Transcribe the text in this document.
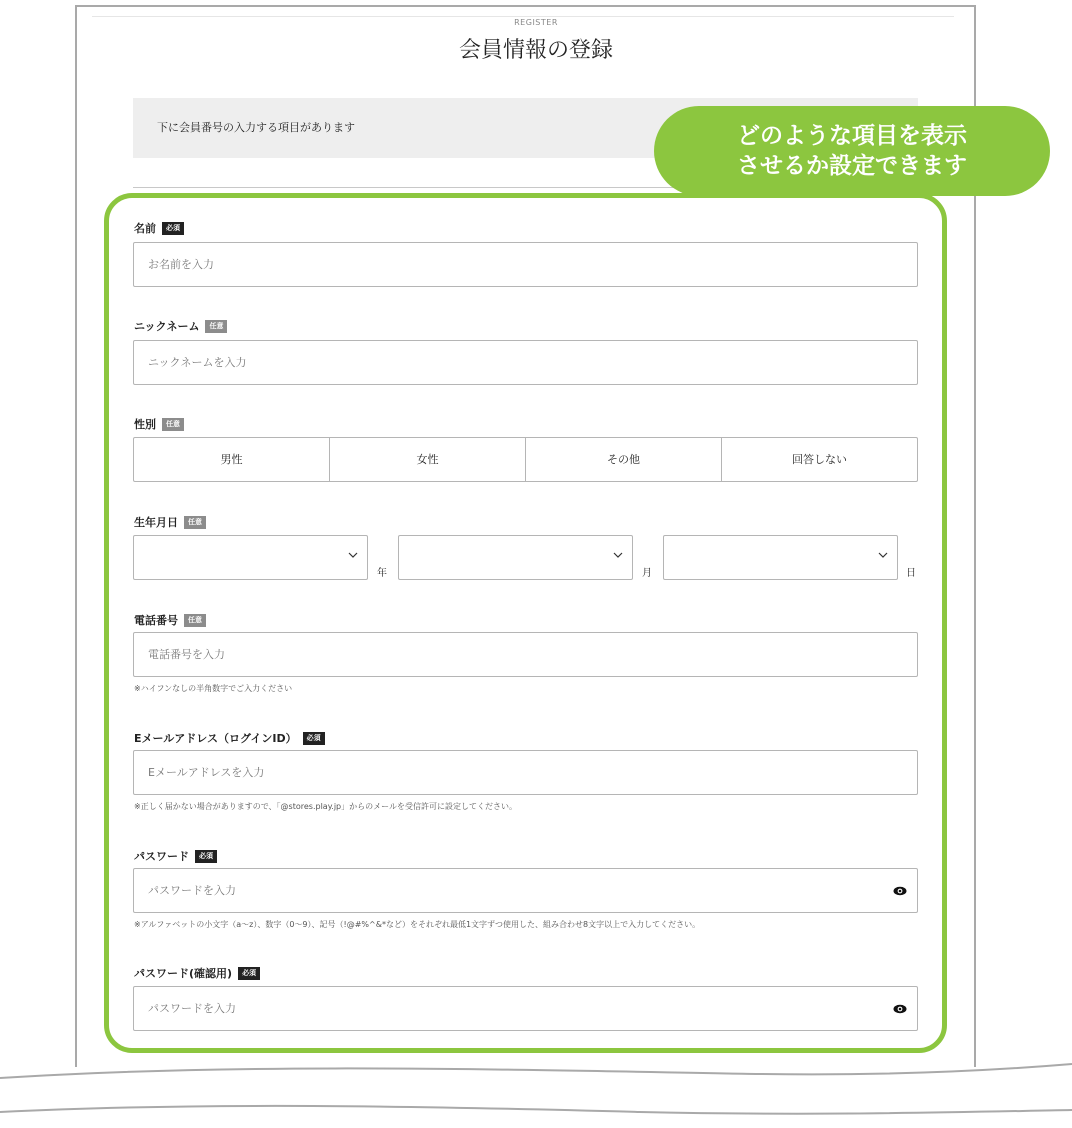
REGISTER
会員情報の登録
下に会員番号の入力する項目があります	どのような項目を表示
させるか設定できます
名前	必須
お名前を入力
ニックネーム	任意
ニックネームを入力
性別	任意
男性	女性	その他	回答しない
生年月日	任意
年	月	日
電話番号	任意
電話番号を入力
※ハイフンなしの半角数字でご入力ください
Eメールアドレス（ログインID）	必須
Eメールアドレスを入力
※正しく届かない場合がありますので、「@stores.play.jp」からのメールを受信許可に設定してください。
パスワード	必須
パスワードを入力
※アルファベットの小文字（a〜z）、数字（0〜9）、記号（!@#%^&*など）をそれぞれ最低1文字ずつ使用した、組み合わせ8文字以上で入力してください。
パスワード(確認用)	必須
パスワードを入力
